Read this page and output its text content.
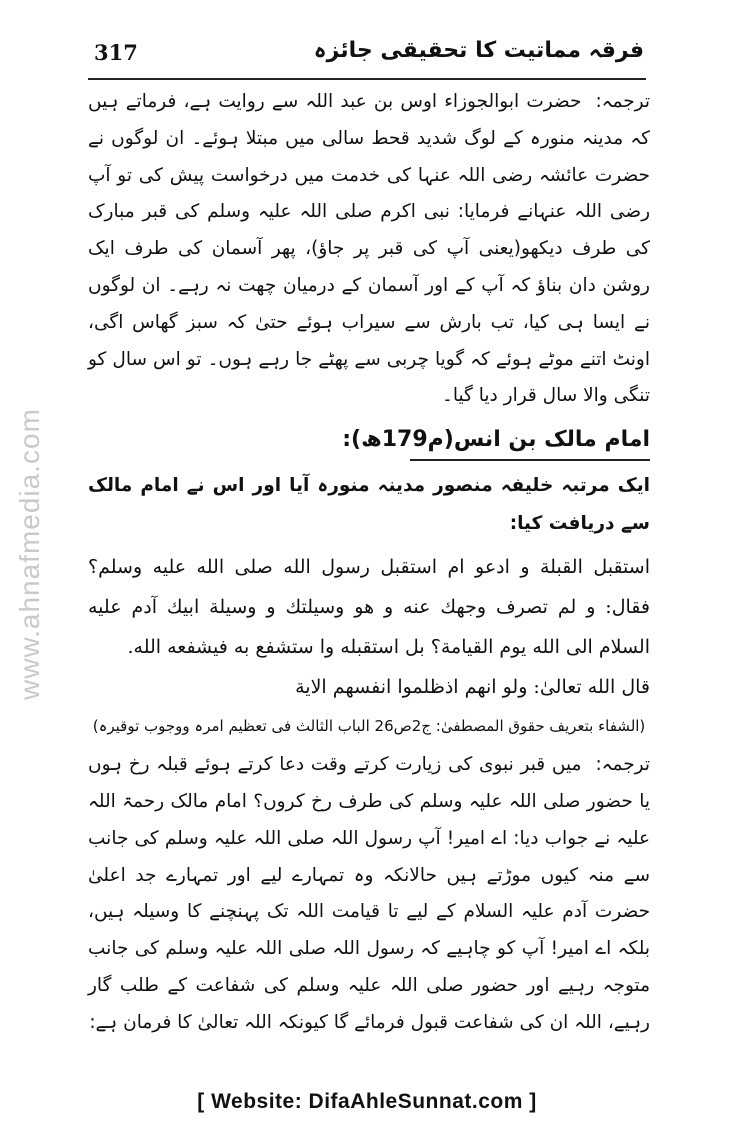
317	فرقہ مماتیت کا تحقیقی جائزہ
www.ahnafmedia.com

ترجمہ:حضرت ابوالجوزاء اوس بن عبد اللہ سے روایت ہے، فرماتے ہیں کہ مدینہ منورہ کے لوگ شدید قحط سالی میں مبتلا ہوئے۔ ان لوگوں نے حضرت عائشہ رضی اللہ عنہا کی خدمت میں درخواست پیش کی تو آپ رضی اللہ عنہانے فرمایا: نبی اکرم صلی اللہ علیہ وسلم کی قبر مبارک کی طرف دیکھو(یعنی آپ کی قبر پر جاؤ)، پھر آسمان کی طرف ایک روشن دان بناؤ کہ آپ کے اور آسمان کے درمیان چھت نہ رہے۔ ان لوگوں نے ایسا ہی کیا، تب بارش سے سیراب ہوئے حتیٰ کہ سبز گھاس اگی، اونٹ اتنے موٹے ہوئے کہ گویا چربی سے پھٹے جا رہے ہوں۔ تو اس سال کو تنگی والا سال قرار دیا گیا۔

امام مالک بن انس(م179ھ):

ایک مرتبہ خلیفہ منصور مدینہ منورہ آیا اور اس نے امام مالک سے دریافت کیا:

استقبل القبلة و ادعو ام استقبل رسول الله صلی الله علیه وسلم؟ فقال: و لم تصرف وجهك عنه و هو وسیلتك و وسیلة ابیك آدم علیه السلام الی الله یوم القیامة؟ بل استقبله وا ستشفع به فیشفعه الله.

قال الله تعالیٰ: ولو انهم اذظلموا انفسهم الایة

(الشفاء بتعریف حقوق المصطفیٰ: ج2ص26 الباب الثالث فی تعظیم امرہ ووجوب توقیرہ)

ترجمہ:میں قبر نبوی کی زیارت کرتے وقت دعا کرتے ہوئے قبلہ رخ ہوں یا حضور صلی اللہ علیہ وسلم کی طرف رخ کروں؟ امام مالک رحمۃ اللہ علیہ نے جواب دیا: اے امیر! آپ رسول اللہ صلی اللہ علیہ وسلم کی جانب سے منہ کیوں موڑتے ہیں حالانکہ وہ تمہارے لیے اور تمہارے جد اعلیٰ حضرت آدم علیہ السلام کے لیے تا قیامت اللہ تک پہنچنے کا وسیلہ ہیں، بلکہ اے امیر! آپ کو چاہیے کہ رسول اللہ صلی اللہ علیہ وسلم کی جانب متوجہ رہیے اور حضور صلی اللہ علیہ وسلم کی شفاعت کے طلب گار رہیے، اللہ ان کی شفاعت قبول فرمائے گا کیونکہ اللہ تعالیٰ کا فرمان ہے:

[ Website: DifaAhleSunnat.com ]
